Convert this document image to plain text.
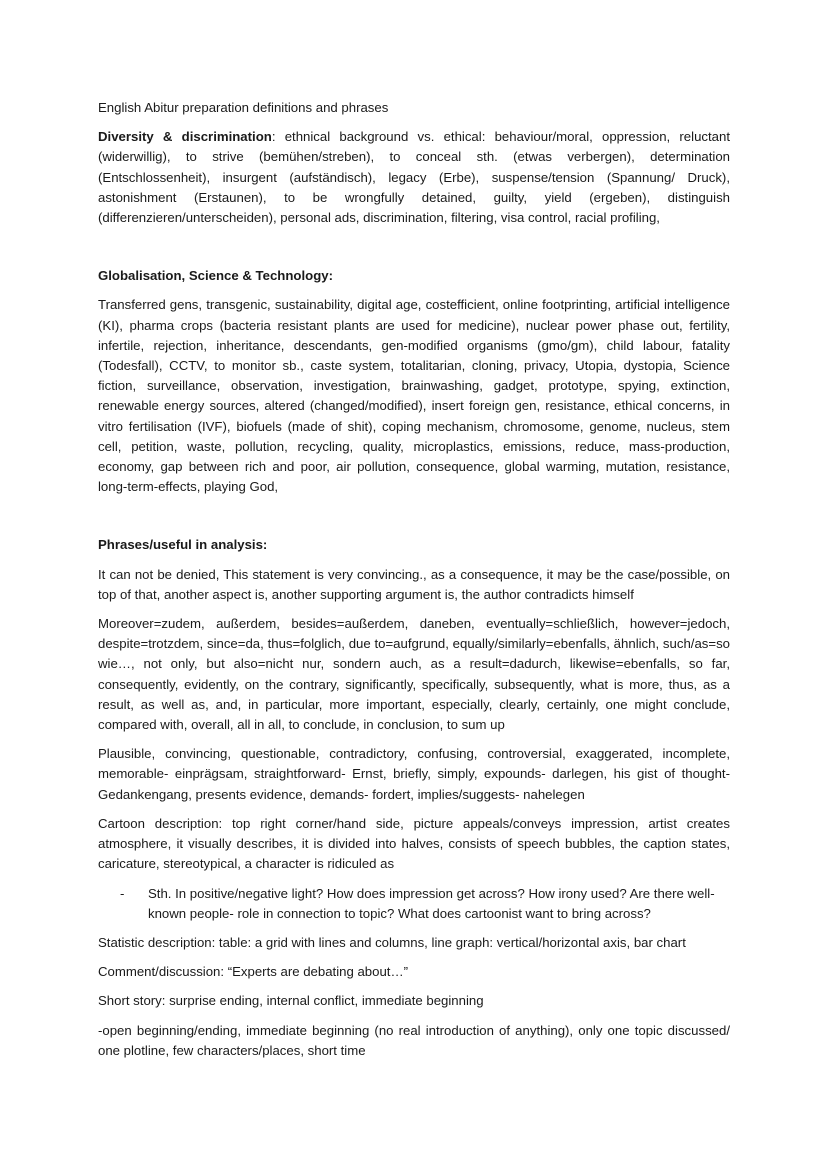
English Abitur preparation definitions and phrases

Diversity & discrimination: ethnical background vs. ethical: behaviour/moral, oppression, reluctant (widerwillig), to strive (bemühen/streben), to conceal sth. (etwas verbergen), determination (Entschlossenheit), insurgent (aufständisch), legacy (Erbe), suspense/tension (Spannung/ Druck), astonishment (Erstaunen), to be wrongfully detained, guilty, yield (ergeben), distinguish (differenzieren/unterscheiden), personal ads, discrimination, filtering, visa control, racial profiling,

Globalisation, Science & Technology:

Transferred gens, transgenic, sustainability, digital age, costefficient, online footprinting, artificial intelligence (KI), pharma crops (bacteria resistant plants are used for medicine), nuclear power phase out, fertility, infertile, rejection, inheritance, descendants, gen-modified organisms (gmo/gm), child labour, fatality (Todesfall), CCTV, to monitor sb., caste system, totalitarian, cloning, privacy, Utopia, dystopia, Science fiction, surveillance, observation, investigation, brainwashing, gadget, prototype, spying, extinction, renewable energy sources, altered (changed/modified), insert foreign gen, resistance, ethical concerns, in vitro fertilisation (IVF), biofuels (made of shit), coping mechanism, chromosome, genome, nucleus, stem cell, petition, waste, pollution, recycling, quality, microplastics, emissions, reduce, mass-production, economy, gap between rich and poor, air pollution, consequence, global warming, mutation, resistance, long-term-effects, playing God,

Phrases/useful in analysis:

It can not be denied, This statement is very convincing., as a consequence, it may be the case/possible, on top of that, another aspect is, another supporting argument is, the author contradicts himself

Moreover=zudem, außerdem, besides=außerdem, daneben, eventually=schließlich, however=jedoch, despite=trotzdem, since=da, thus=folglich, due to=aufgrund, equally/similarly=ebenfalls, ähnlich, such/as=so wie…, not only, but also=nicht nur, sondern auch, as a result=dadurch, likewise=ebenfalls, so far, consequently, evidently, on the contrary, significantly, specifically, subsequently, what is more, thus, as a result, as well as, and, in particular, more important, especially, clearly, certainly, one might conclude, compared with, overall, all in all, to conclude, in conclusion, to sum up

Plausible, convincing, questionable, contradictory, confusing, controversial, exaggerated, incomplete, memorable- einprägsam, straightforward- Ernst, briefly, simply, expounds- darlegen, his gist of thought- Gedankengang, presents evidence, demands- fordert, implies/suggests- nahelegen

Cartoon description: top right corner/hand side, picture appeals/conveys impression, artist creates atmosphere, it visually describes, it is divided into halves, consists of speech bubbles, the caption states, caricature, stereotypical, a character is ridiculed as

-	Sth. In positive/negative light? How does impression get across? How irony used? Are there well-known people- role in connection to topic? What does cartoonist want to bring across?

Statistic description: table: a grid with lines and columns, line graph: vertical/horizontal axis, bar chart

Comment/discussion: “Experts are debating about…”

Short story: surprise ending, internal conflict, immediate beginning

-open beginning/ending, immediate beginning (no real introduction of anything), only one topic discussed/ one plotline, few characters/places, short time
